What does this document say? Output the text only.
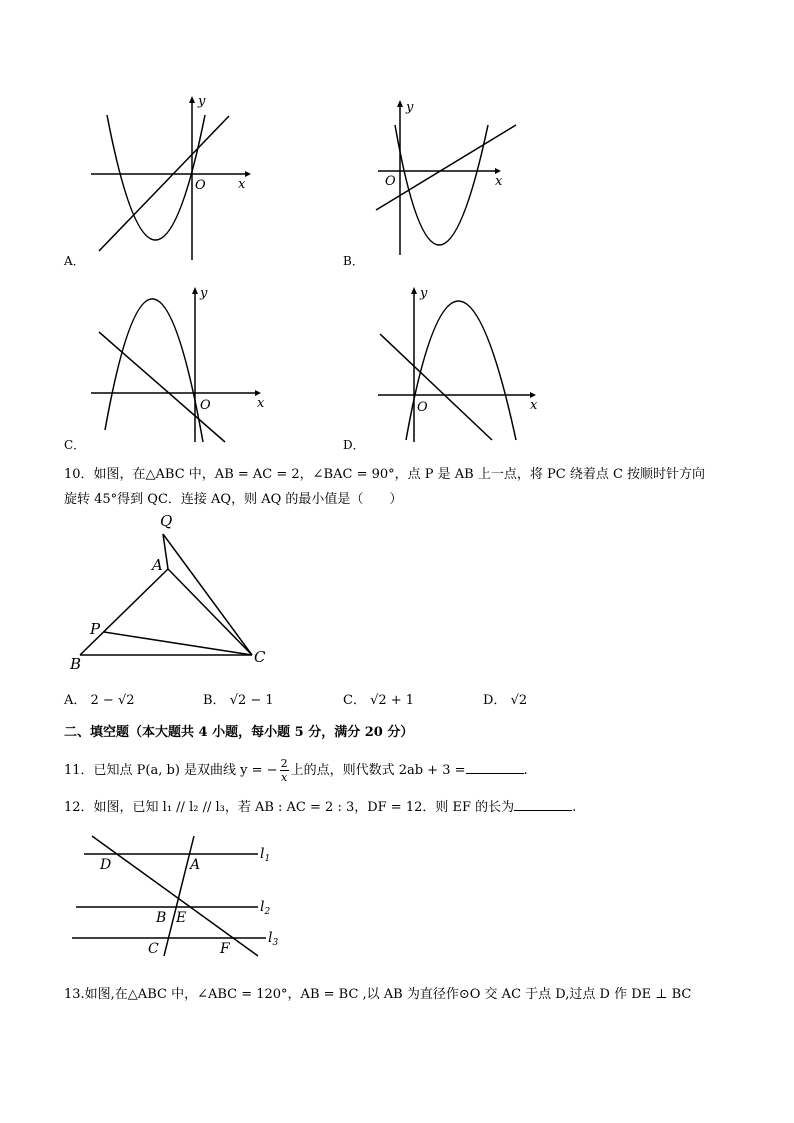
y
x
O
A．
y
x
O
B．
y
x
O
C．
y
x
O
D．
10．如图，在△ABC 中，AB = AC = 2，∠BAC = 90°，点 P 是 AB 上一点，将 PC 绕着点 C 按顺时针方向
旋转 45°得到 QC．连接 AQ，则 AQ 的最小值是（　　）
Q
A
P
B	C
A． 2 − √2	B． √2 − 1	C． √2 + 1	D． √2
二、填空题（本大题共 4 小题，每小题 5 分，满分 20 分）
11．已知点 P(a, b) 是双曲线 y = − $\frac{2}{x}$ 上的点，则代数式 2ab + 3 =	.
12．如图，已知 l₁ // l₂ // l₃，若 AB : AC = 2 : 3，DF = 12．则 EF 的长为	.
D	A
B E
C	F
$l_1$
$l_2$
$l_3$
13.如图,在△ABC 中，∠ABC = 120°，AB = BC ,以 AB 为直径作⊙O 交 AC 于点 D,过点 D 作 DE ⊥ BC
